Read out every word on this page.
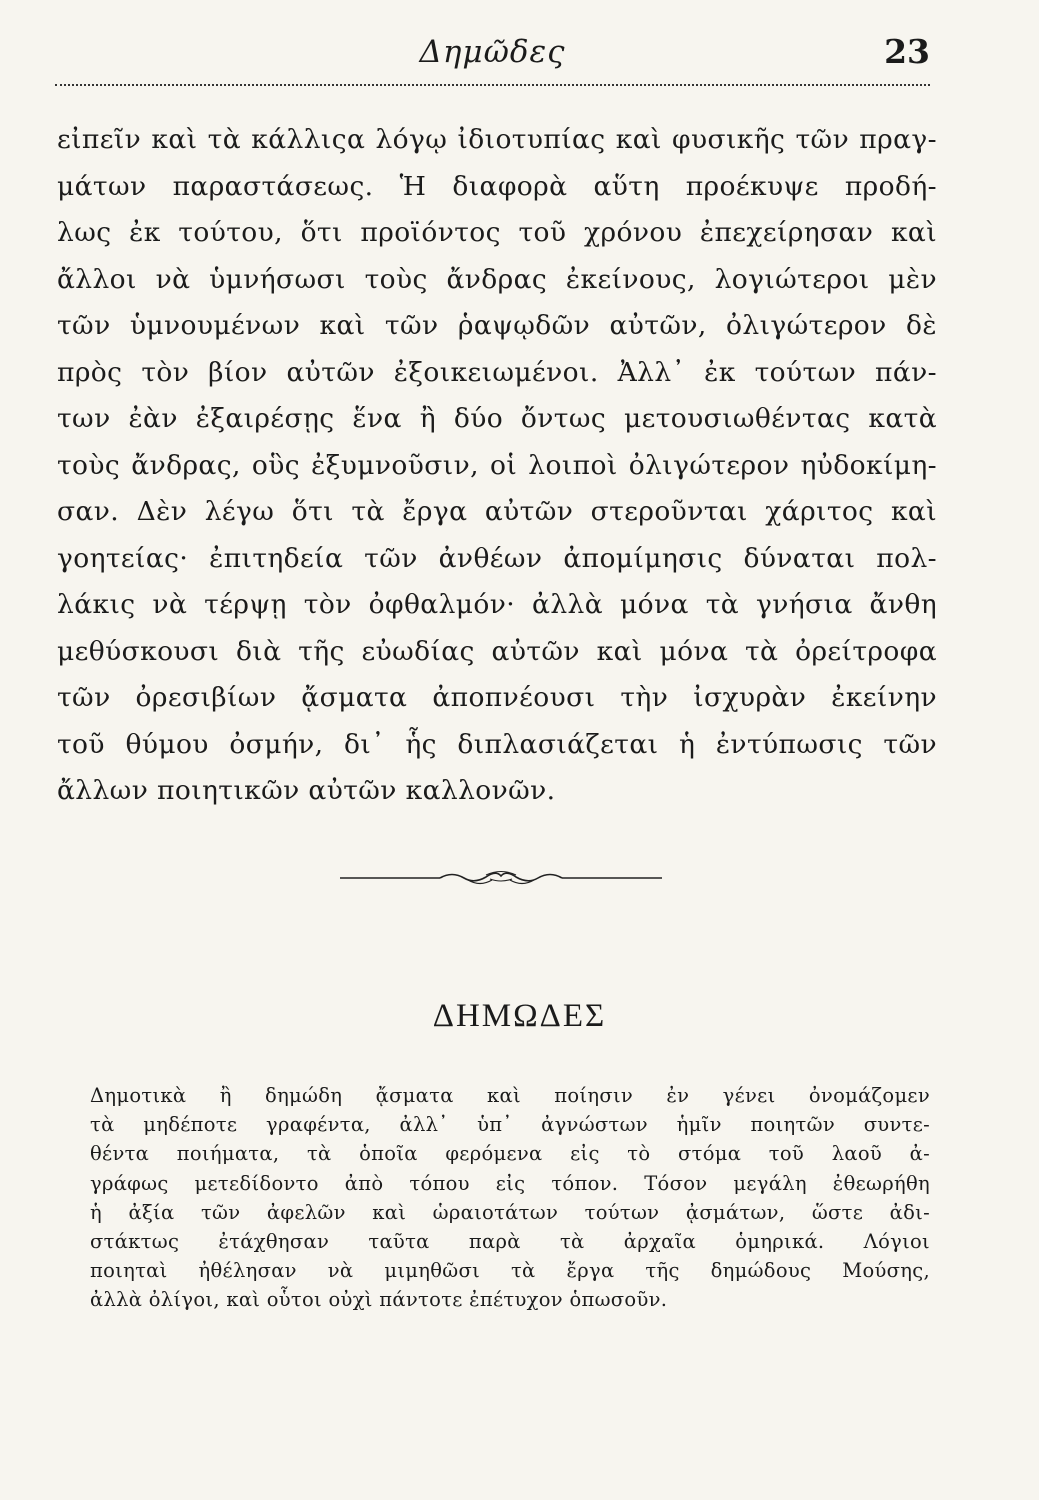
Δημῶδες	23
εἰπεῖν καὶ τὰ κάλλιςα λόγῳ ἰδιοτυπίας καὶ φυσικῆς τῶν πραγ-
μάτων παραστάσεως. Ἡ διαφορὰ αὕτη προέκυψε προδή-
λως ἐκ τούτου, ὅτι προϊόντος τοῦ χρόνου ἐπεχείρησαν καὶ
ἄλλοι νὰ ὑμνήσωσι τοὺς ἄνδρας ἐκείνους, λογιώτεροι μὲν
τῶν ὑμνουμένων καὶ τῶν ῥαψῳδῶν αὐτῶν, ὀλιγώτερον δὲ
πρὸς τὸν βίον αὐτῶν ἐξοικειωμένοι. Ἀλλ᾽ ἐκ τούτων πάν-
των ἐὰν ἐξαιρέσῃς ἕνα ἢ δύο ὄντως μετουσιωθέντας κατὰ
τοὺς ἄνδρας, οὓς ἐξυμνοῦσιν, οἱ λοιποὶ ὀλιγώτερον ηὐδοκίμη-
σαν. Δὲν λέγω ὅτι τὰ ἔργα αὐτῶν στεροῦνται χάριτος καὶ
γοητείας· ἐπιτηδεία τῶν ἀνθέων ἀπομίμησις δύναται πολ-
λάκις νὰ τέρψῃ τὸν ὀφθαλμόν· ἀλλὰ μόνα τὰ γνήσια ἄνθη
μεθύσκουσι διὰ τῆς εὐωδίας αὐτῶν καὶ μόνα τὰ ὀρείτροφα
τῶν ὀρεσιβίων ᾄσματα ἀποπνέουσι τὴν ἰσχυρὰν ἐκείνην
τοῦ θύμου ὀσμήν, δι᾽ ἧς διπλασιάζεται ἡ ἐντύπωσις τῶν
ἄλλων ποιητικῶν αὐτῶν καλλονῶν.
ΔΗΜΩΔΕΣ
Δημοτικὰ ἢ δημώδη ᾄσματα καὶ ποίησιν ἐν γένει ὀνομάζομεν
τὰ μηδέποτε γραφέντα, ἀλλ᾽ ὑπ᾽ ἀγνώστων ἡμῖν ποιητῶν συντε-
θέντα ποιήματα, τὰ ὁποῖα φερόμενα εἰς τὸ στόμα τοῦ λαοῦ ἀ-
γράφως μετεδίδοντο ἀπὸ τόπου εἰς τόπον. Τόσον μεγάλη ἐθεωρήθη
ἡ ἀξία τῶν ἀφελῶν καὶ ὡραιοτάτων τούτων ᾀσμάτων, ὥστε ἀδι-
στάκτως ἐτάχθησαν ταῦτα παρὰ τὰ ἀρχαῖα ὁμηρικά. Λόγιοι
ποιηταὶ ἠθέλησαν νὰ μιμηθῶσι τὰ ἔργα τῆς δημώδους Μούσης,
ἀλλὰ ὀλίγοι, καὶ οὗτοι οὐχὶ πάντοτε ἐπέτυχον ὁπωσοῦν.
